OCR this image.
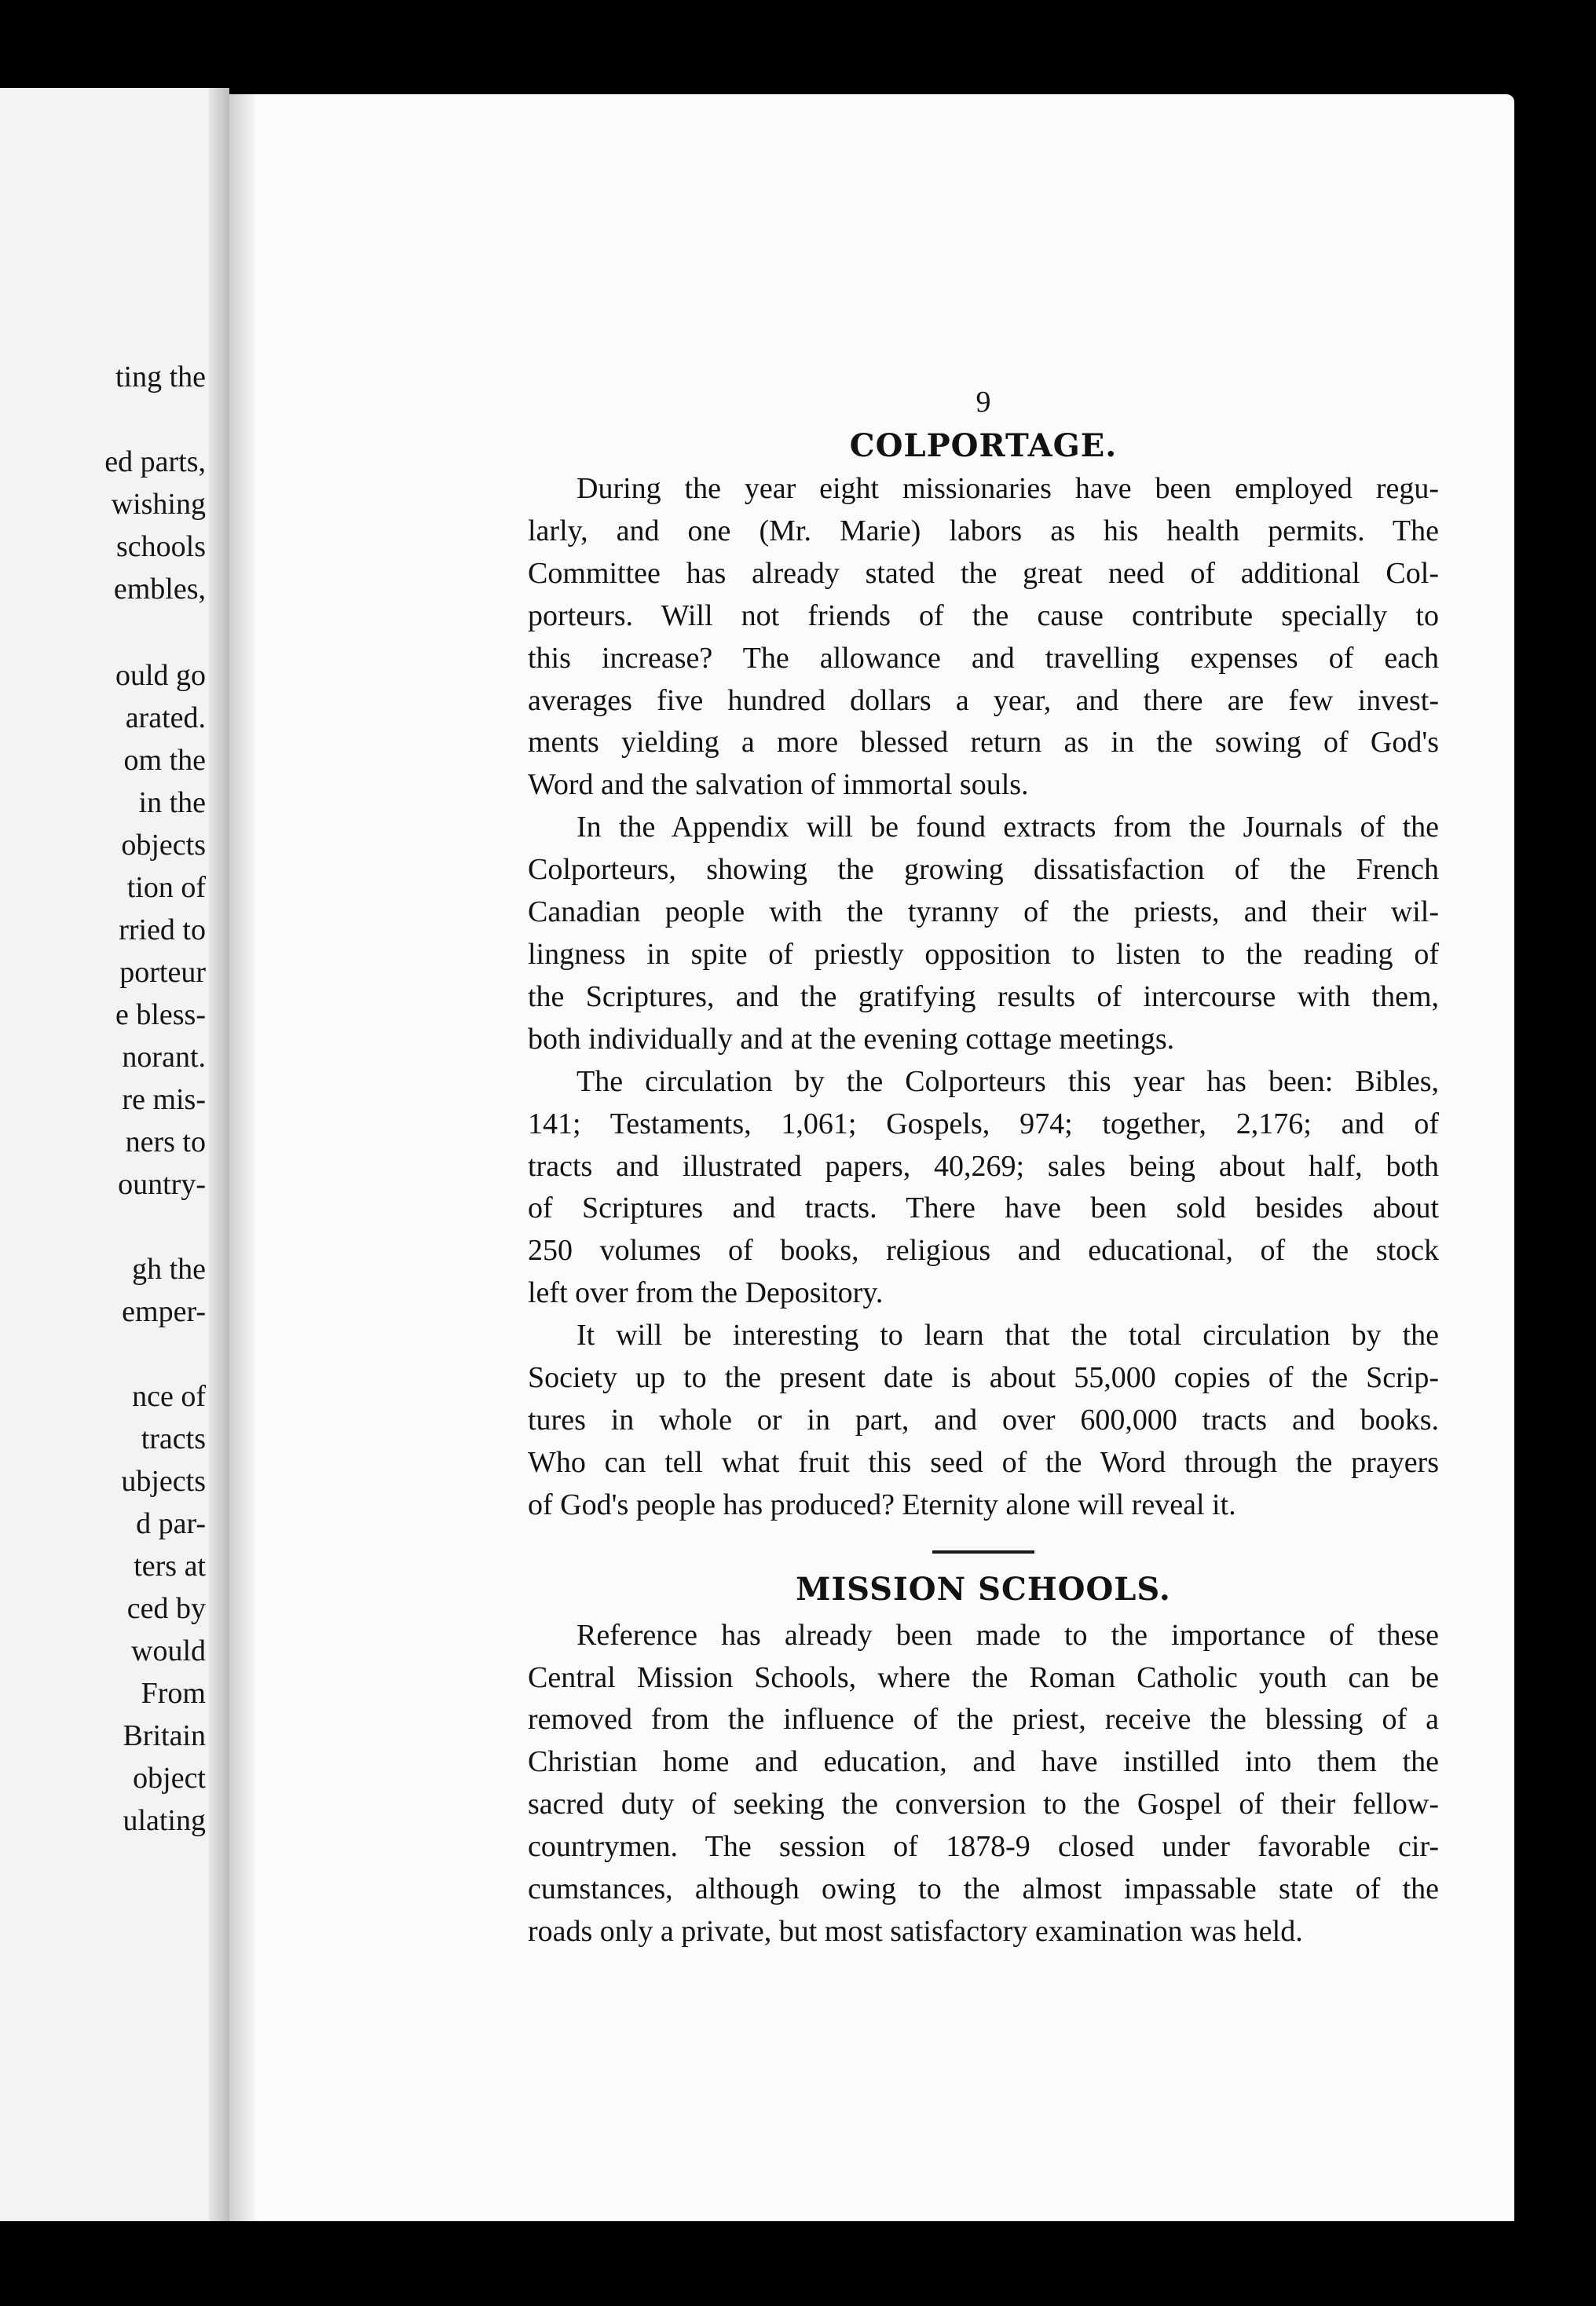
ting the
ed parts,
wishing
schools
embles,
ould go
arated.
om the
in the
objects
tion of
rried to
porteur
e bless-
norant.
re mis-
ners to
ountry-
gh the
emper-
nce of
tracts
ubjects
d par-
ters at
ced by
would
From
Britain
object
ulating
9
COLPORTAGE.

During the year eight missionaries have been employed regu-
larly, and one (Mr. Marie) labors as his health permits. The
Committee has already stated the great need of additional Col-
porteurs. Will not friends of the cause contribute specially to
this increase? The allowance and travelling expenses of each
averages five hundred dollars a year, and there are few invest-
ments yielding a more blessed return as in the sowing of God's
Word and the salvation of immortal souls.

In the Appendix will be found extracts from the Journals of the
Colporteurs, showing the growing dissatisfaction of the French
Canadian people with the tyranny of the priests, and their wil-
lingness in spite of priestly opposition to listen to the reading of
the Scriptures, and the gratifying results of intercourse with them,
both individually and at the evening cottage meetings.

The circulation by the Colporteurs this year has been: Bibles,
141; Testaments, 1,061; Gospels, 974; together, 2,176; and of
tracts and illustrated papers, 40,269; sales being about half, both
of Scriptures and tracts. There have been sold besides about
250 volumes of books, religious and educational, of the stock
left over from the Depository.

It will be interesting to learn that the total circulation by the
Society up to the present date is about 55,000 copies of the Scrip-
tures in whole or in part, and over 600,000 tracts and books.
Who can tell what fruit this seed of the Word through the prayers
of God's people has produced? Eternity alone will reveal it.

MISSION SCHOOLS.

Reference has already been made to the importance of these
Central Mission Schools, where the Roman Catholic youth can be
removed from the influence of the priest, receive the blessing of a
Christian home and education, and have instilled into them the
sacred duty of seeking the conversion to the Gospel of their fellow-
countrymen. The session of 1878-9 closed under favorable cir-
cumstances, although owing to the almost impassable state of the
roads only a private, but most satisfactory examination was held.
